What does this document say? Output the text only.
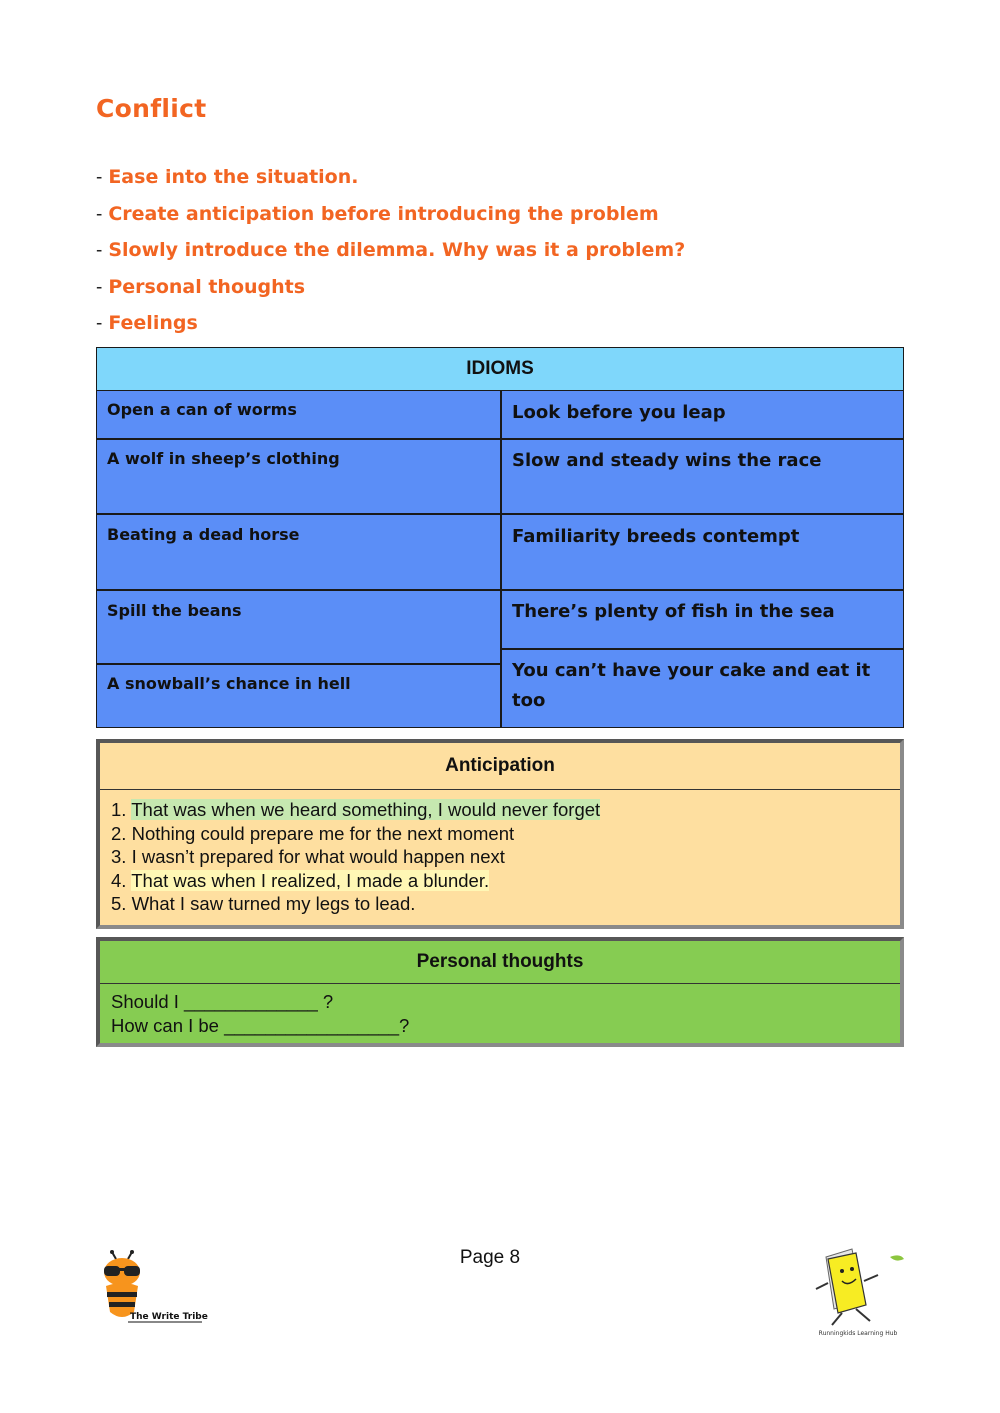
Conflict
- Ease into the situation.
- Create anticipation before introducing the problem
- Slowly introduce the dilemma. Why was it a problem?
- Personal thoughts
- Feelings
IDIOMS
Open a can of worms
A wolf in sheep’s clothing
Beating a dead horse
Spill the beans
A snowball’s chance in hell
Look before you leap
Slow and steady wins the race
Familiarity breeds contempt
There’s plenty of fish in the sea
You can’t have your cake and eat it too
Anticipation
1. That was when we heard something, I would never forget
2. Nothing could prepare me for the next moment
3. I wasn’t prepared for what would happen next
4. That was when I realized, I made a blunder.
5. What I saw turned my legs to lead.
Personal thoughts
Should I _____________ ?
How can I be _________________?
Page 8
The Write Tribe
Runningkids Learning Hub
